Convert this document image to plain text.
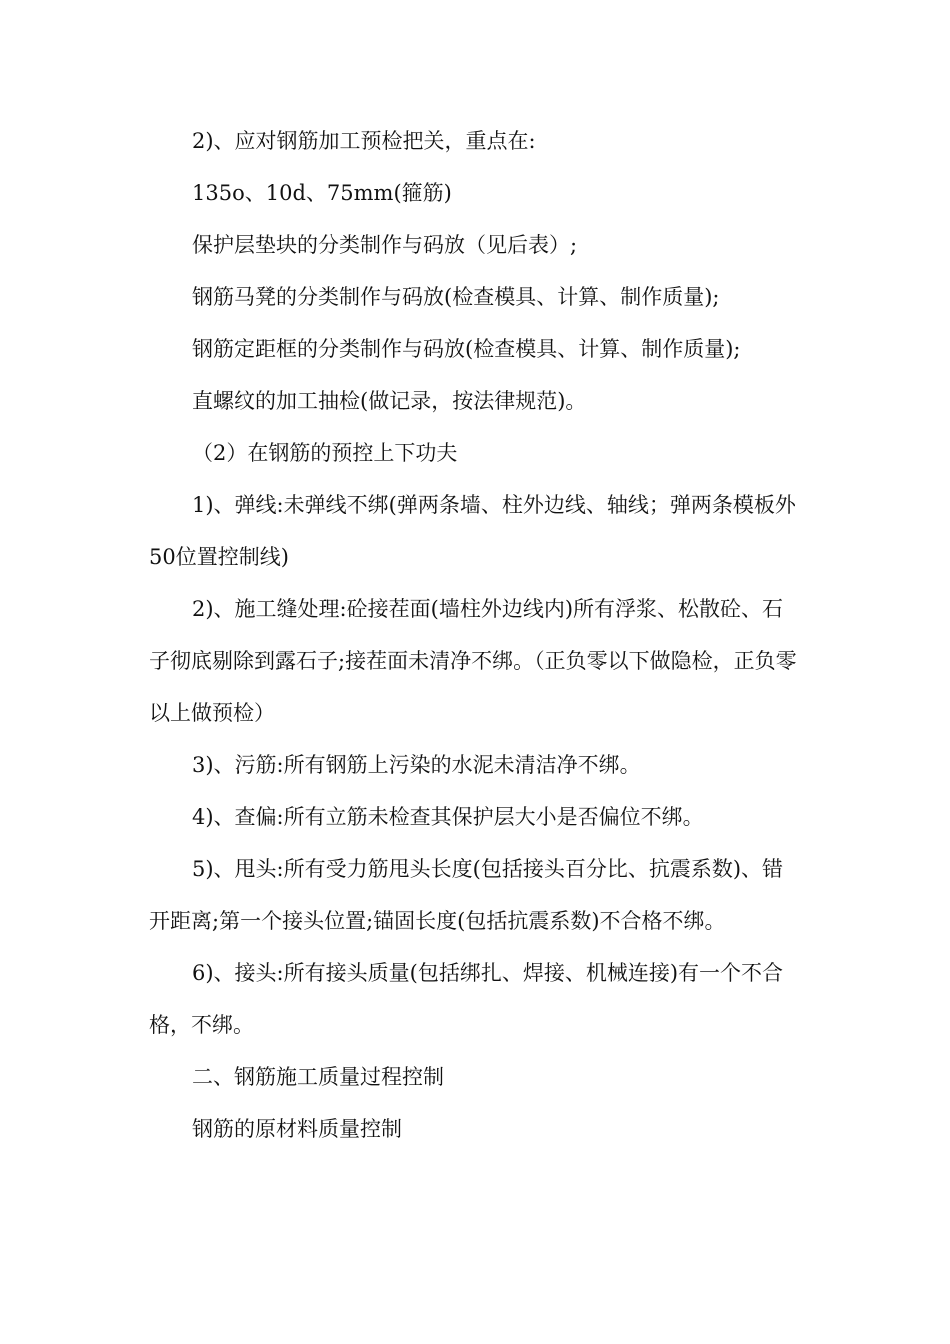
2)、应对钢筋加工预检把关，重点在:

135o、10d、75mm(箍筋)

保护层垫块的分类制作与码放（见后表）;

钢筋马凳的分类制作与码放(检查模具、计算、制作质量);

钢筋定距框的分类制作与码放(检查模具、计算、制作质量);

直螺纹的加工抽检(做记录，按法律规范)。

（2）在钢筋的预控上下功夫

1)、弹线:未弹线不绑(弹两条墙、柱外边线、轴线；弹两条模板外50位置控制线)

2)、施工缝处理:砼接茬面(墙柱外边线内)所有浮浆、松散砼、石子彻底剔除到露石子;接茬面未清净不绑。（正负零以下做隐检，正负零以上做预检）

3)、污筋:所有钢筋上污染的水泥未清洁净不绑。

4)、查偏:所有立筋未检查其保护层大小是否偏位不绑。

5)、甩头:所有受力筋甩头长度(包括接头百分比、抗震系数)、错开距离;第一个接头位置;锚固长度(包括抗震系数)不合格不绑。

6)、接头:所有接头质量(包括绑扎、焊接、机械连接)有一个不合格，不绑。

二、钢筋施工质量过程控制

钢筋的原材料质量控制
